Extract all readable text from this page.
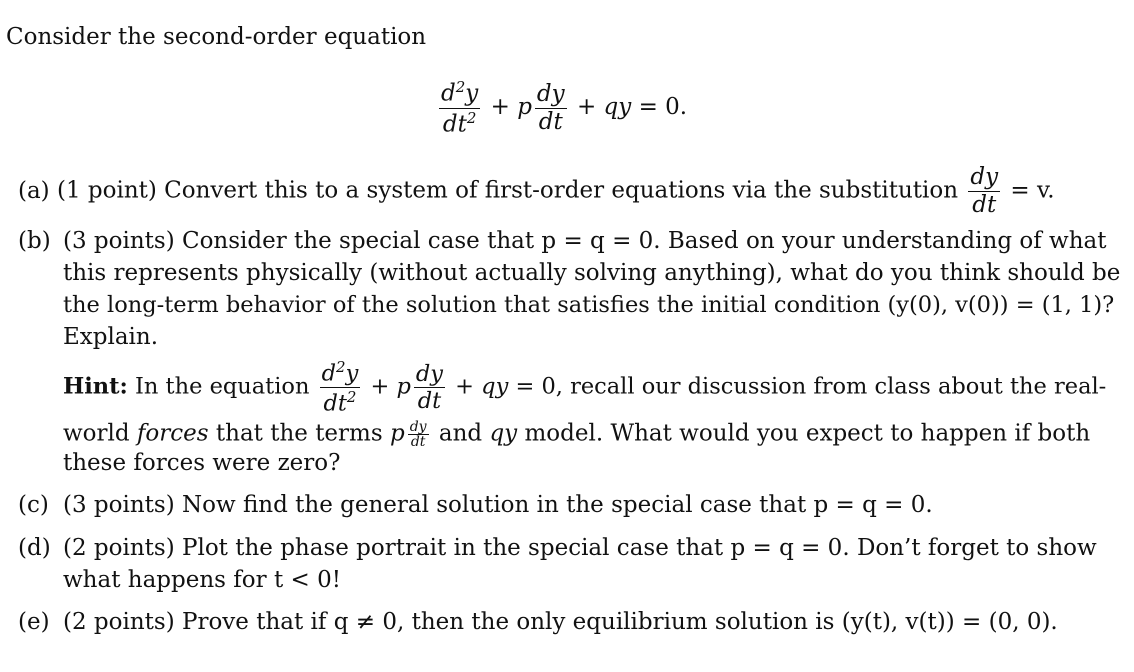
Consider the second-order equation
$\frac{d^2y}{dt^2} + p \frac{dy}{dt}$ + qy = 0.
(a) (1 point) Convert this to a system of first-order equations via the substitution $\frac{dy}{dt} = v$.
(b) (3 points) Consider the special case that p = q = 0. Based on your understanding of what
this represents physically (without actually solving anything), what do you think should be
the long-term behavior of the solution that satisfies the initial condition (y(0), v(0)) = (1, 1)?
Explain.
Hint: In the equation $\frac{d^2y}{dt^2} + p \frac{dy}{dt}$ + qy = 0, recall our discussion from class about the real-
world forces that the terms p $\frac{dy}{dt}$ and qy model. What would you expect to happen if both
these forces were zero?
(c) (3 points) Now find the general solution in the special case that p = q = 0.
(d) (2 points) Plot the phase portrait in the special case that p = q = 0. Don’t forget to show
what happens for t < 0!
(e) (2 points) Prove that if q ≠ 0, then the only equilibrium solution is (y(t), v(t)) = (0, 0).
